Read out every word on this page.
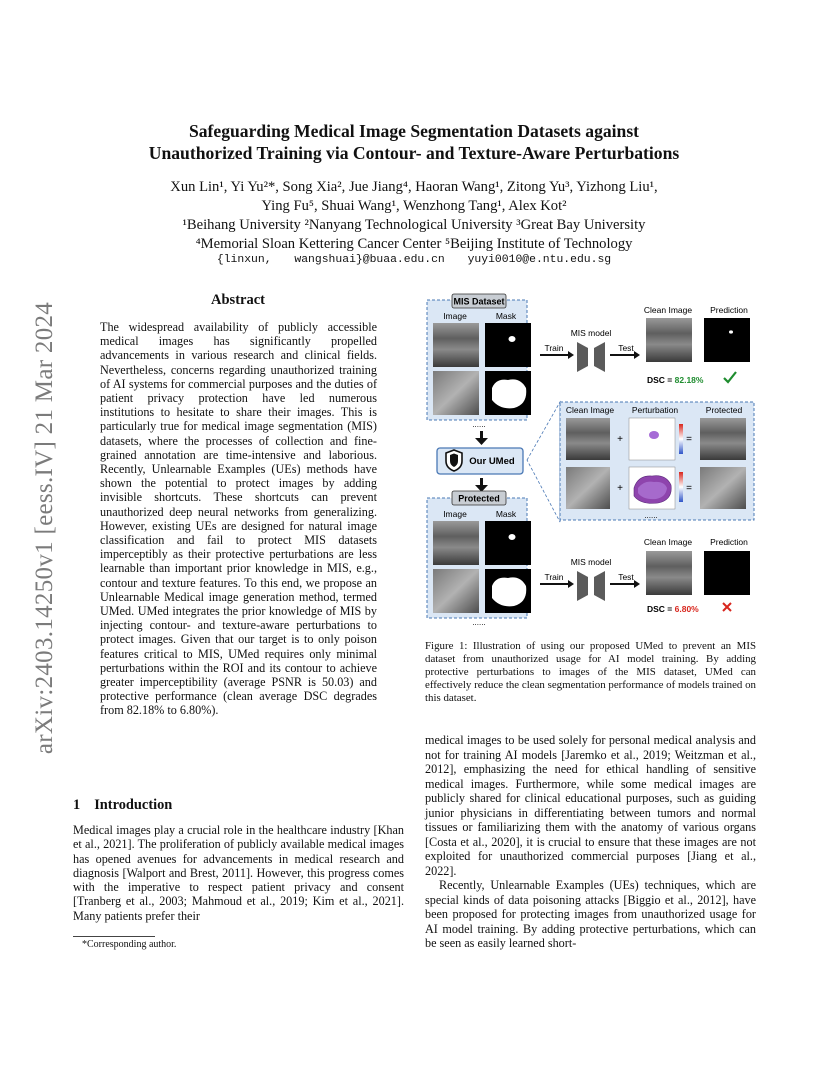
arXiv:2403.14250v1 [eess.IV] 21 Mar 2024
Safeguarding Medical Image Segmentation Datasets against
Unauthorized Training via Contour- and Texture-Aware Perturbations
Xun Lin¹, Yi Yu²*, Song Xia², Jue Jiang⁴, Haoran Wang¹, Zitong Yu³, Yizhong Liu¹,
Ying Fu⁵, Shuai Wang¹, Wenzhong Tang¹, Alex Kot²
¹Beihang University ²Nanyang Technological University ³Great Bay University
⁴Memorial Sloan Kettering Cancer Center ⁵Beijing Institute of Technology
{linxun, wangshuai}@buaa.edu.cn yuyi0010@e.ntu.edu.sg
Abstract
The widespread availability of publicly accessible medical images has significantly propelled advancements in various research and clinical fields. Nevertheless, concerns regarding unauthorized training of AI systems for commercial purposes and the duties of patient privacy protection have led numerous institutions to hesitate to share their images. This is particularly true for medical image segmentation (MIS) datasets, where the processes of collection and fine-grained annotation are time-intensive and laborious. Recently, Unlearnable Examples (UEs) methods have shown the potential to protect images by adding invisible shortcuts. These shortcuts can prevent unauthorized deep neural networks from generalizing. However, existing UEs are designed for natural image classification and fail to protect MIS datasets imperceptibly as their protective perturbations are less learnable than important prior knowledge in MIS, e.g., contour and texture features. To this end, we propose an Unlearnable Medical image generation method, termed UMed. UMed integrates the prior knowledge of MIS by injecting contour- and texture-aware perturbations to protect images. Given that our target is to only poison features critical to MIS, UMed requires only minimal perturbations within the ROI and its contour to achieve greater imperceptibility (average PSNR is 50.03) and protective performance (clean average DSC degrades from 82.18% to 6.80%).
1 Introduction
Medical images play a crucial role in the healthcare industry [Khan et al., 2021]. The proliferation of publicly available medical images has opened avenues for advancements in medical research and diagnosis [Walport and Brest, 2011]. However, this progress comes with the imperative to respect patient privacy and consent [Tranberg et al., 2003; Mahmoud et al., 2019; Kim et al., 2021]. Many patients prefer their
*Corresponding author.
MIS Dataset
Image	Mask
......
Our UMed
Protected
Image	Mask
......
Train
MIS model
Test
Clean Image Prediction
DSC = 82.18%
Clean Image Perturbation	Protected
+	=
+	=
......
Train
MIS model
Test
Clean Image Prediction
DSC = 6.80%
Figure 1: Illustration of using our proposed UMed to prevent an MIS dataset from unauthorized usage for AI model training. By adding protective perturbations to images of the MIS dataset, UMed can effectively reduce the clean segmentation performance of models trained on this dataset.

medical images to be used solely for personal medical analysis and not for training AI models [Jaremko et al., 2019; Weitzman et al., 2012], emphasizing the need for ethical handling of sensitive medical images. Furthermore, while some medical images are publicly shared for clinical educational purposes, such as guiding junior physicians in differentiating between tumors and normal tissues or familiarizing them with the anatomy of various organs [Costa et al., 2020], it is crucial to ensure that these images are not exploited for unauthorized commercial purposes [Jiang et al., 2022].

Recently, Unlearnable Examples (UEs) techniques, which are special kinds of data poisoning attacks [Biggio et al., 2012], have been proposed for protecting images from unauthorized usage for AI model training. By adding protective perturbations, which can be seen as easily learned short-
